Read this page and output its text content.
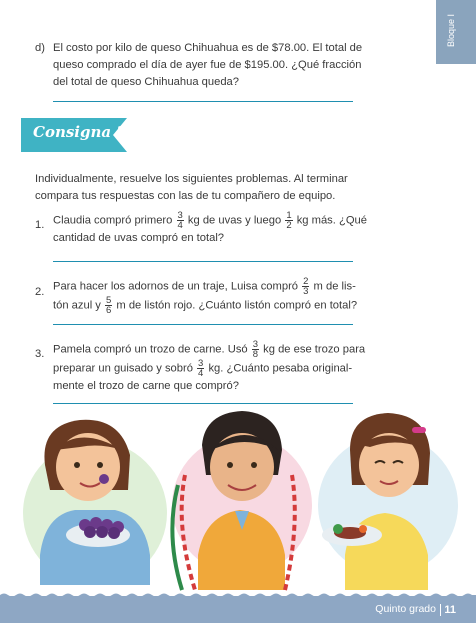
Bloque I
d) El costo por kilo de queso Chihuahua es de $78.00. El total de
queso comprado el día de ayer fue de $195.00. ¿Qué fracción
del total de queso Chihuahua queda?
Consigna 2
Individualmente, resuelve los siguientes problemas. Al terminar
compara tus respuestas con las de tu compañero de equipo.
1. Claudia compró primero $\frac{3}{4}$ kg de uvas y luego $\frac{1}{2}$ kg más. ¿Qué
cantidad de uvas compró en total?
2. Para hacer los adornos de un traje, Luisa compró $\frac{2}{3}$ m de lis-
tón azul y $\frac{5}{6}$ m de listón rojo. ¿Cuánto listón compró en total?
3. Pamela compró un trozo de carne. Usó $\frac{3}{8}$ kg de ese trozo para
preparar un guisado y sobró $\frac{3}{4}$ kg. ¿Cuánto pesaba original-
mente el trozo de carne que compró?
Quinto grado 11
